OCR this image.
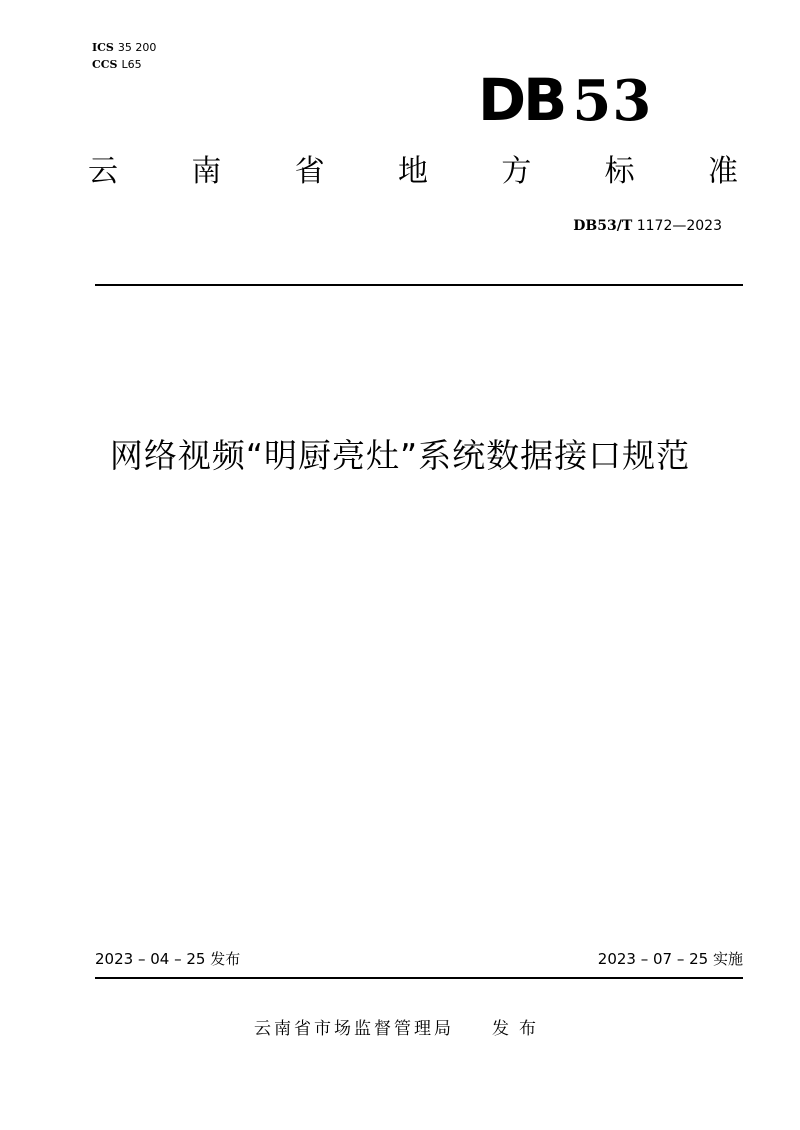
ICS 35 200
CCS L65
DB 53
云 南 省 地 方 标 准
DB53/T 1172—2023
网络视频“明厨亮灶”系统数据接口规范
2023 – 04 – 25 发布	2023 – 07 – 25 实施
云南省市场监督管理局 发布
